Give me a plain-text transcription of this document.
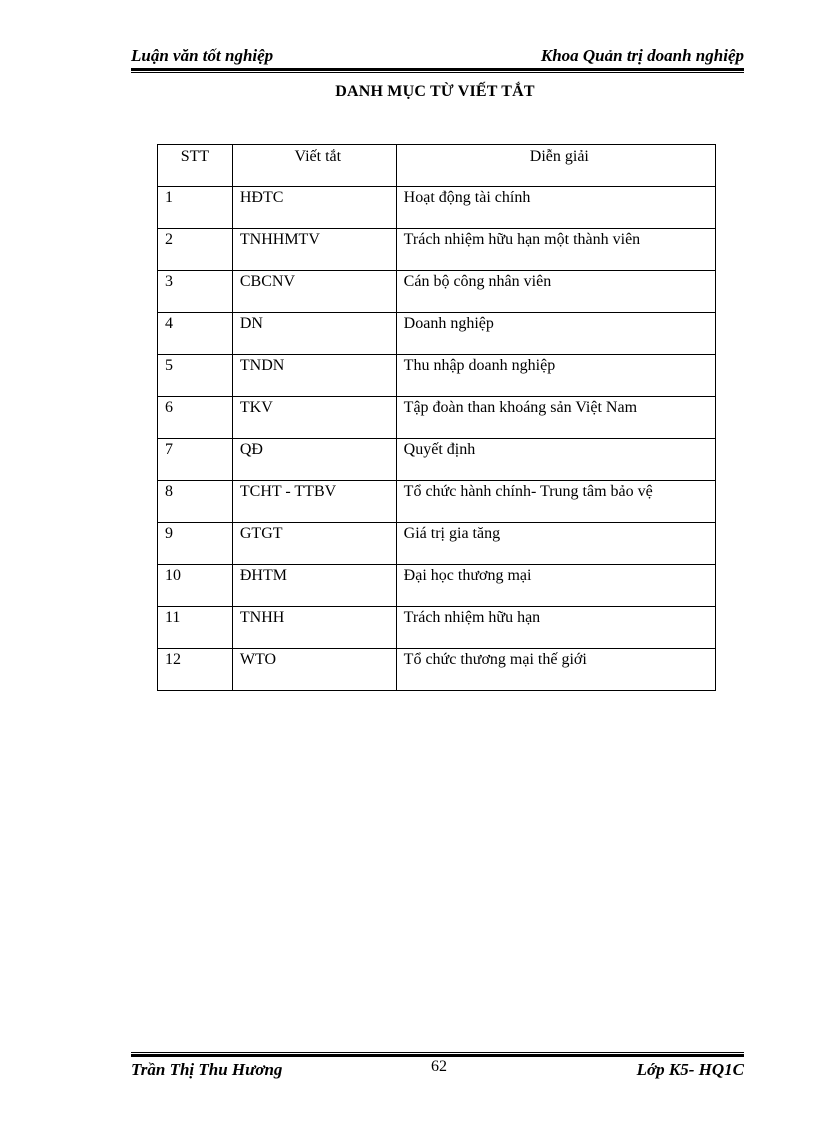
Luận văn tốt nghiệp	Khoa Quản trị doanh nghiệp
DANH MỤC TỪ VIẾT TẮT
STT	Viết tắt	Diễn giải
1	HĐTC	Hoạt động tài chính
2	TNHHMTV	Trách nhiệm hữu hạn một thành viên
3	CBCNV	Cán bộ công nhân viên
4	DN	Doanh nghiệp
5	TNDN	Thu nhập doanh nghiệp
6	TKV	Tập đoàn than khoáng sản Việt Nam
7	QĐ	Quyết định
8	TCHT - TTBV	Tổ chức hành chính- Trung tâm bảo vệ
9	GTGT	Giá trị gia tăng
10	ĐHTM	Đại học thương mại
11	TNHH	Trách nhiệm hữu hạn
12	WTO	Tổ chức thương mại thế giới
Trần Thị Thu Hương	62	Lớp K5- HQ1C
